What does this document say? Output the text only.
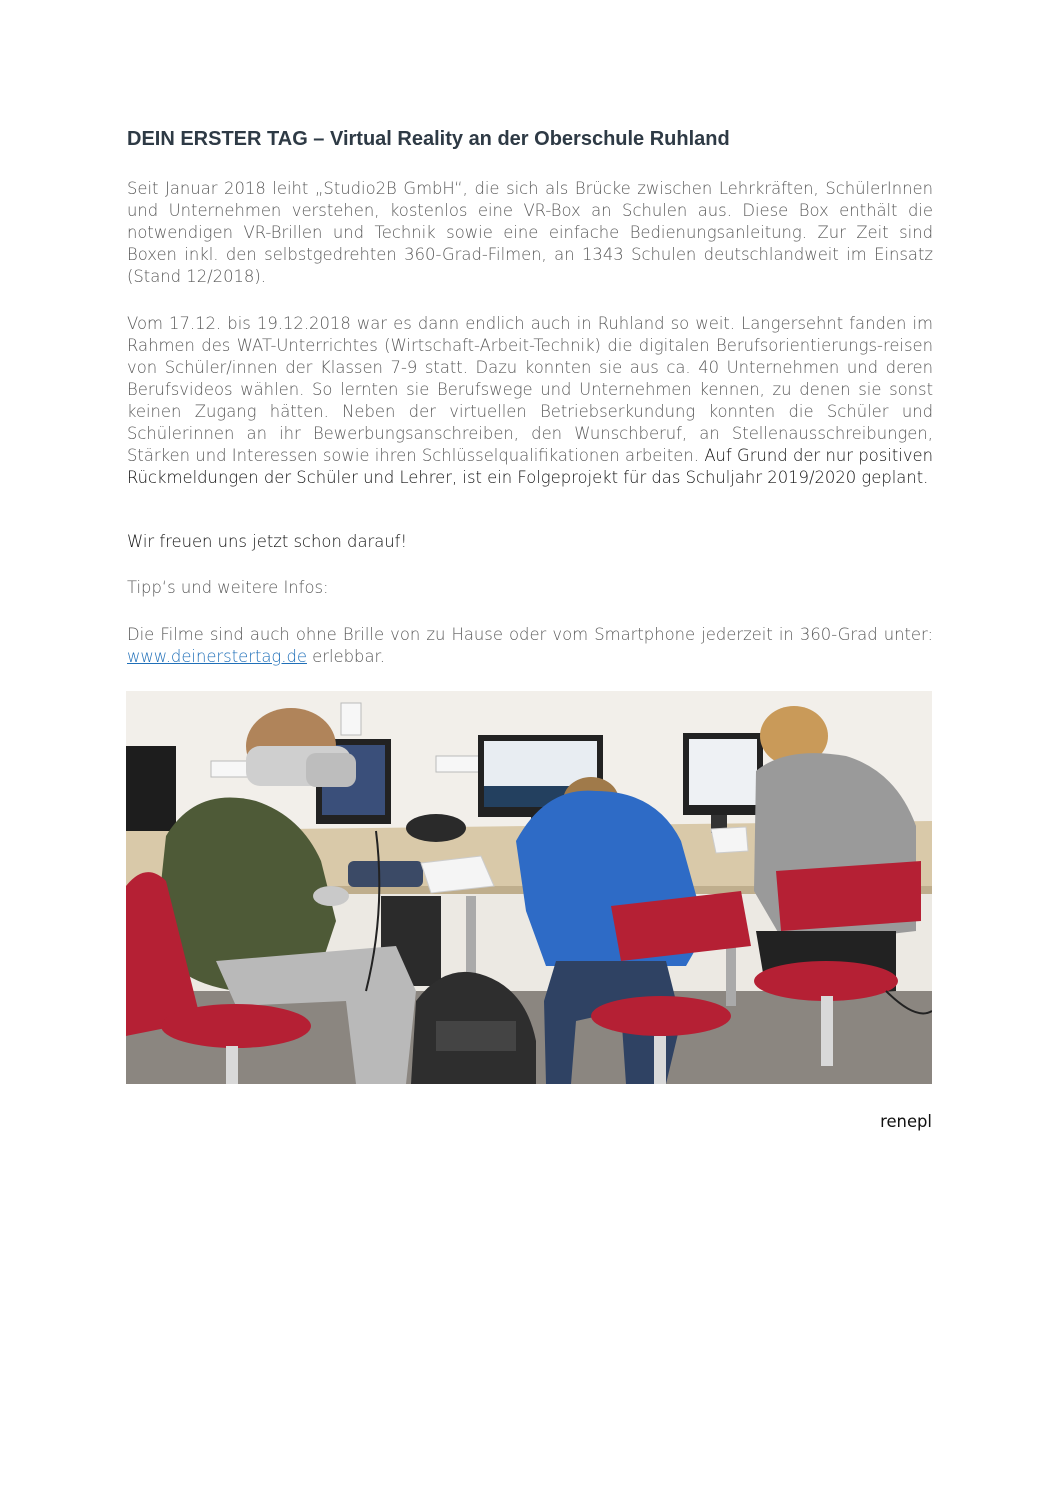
DEIN ERSTER TAG – Virtual Reality an der Oberschule Ruhland

Seit Januar 2018 leiht „Studio2B GmbH“, die sich als Brücke zwischen Lehrkräften, SchülerInnen und Unternehmen verstehen, kostenlos eine VR-Box an Schulen aus. Diese Box enthält die notwendigen VR-Brillen und Technik sowie eine einfache Bedienungsanleitung. Zur Zeit sind Boxen inkl. den selbstgedrehten 360-Grad-Filmen, an 1343 Schulen deutschlandweit im Einsatz (Stand 12/2018).

Vom 17.12. bis 19.12.2018 war es dann endlich auch in Ruhland so weit. Langersehnt fanden im Rahmen des WAT-Unterrichtes (Wirtschaft-Arbeit-Technik) die digitalen Berufsorientierungs-reisen von Schüler/innen der Klassen 7-9 statt. Dazu konnten sie aus ca. 40 Unternehmen und deren Berufsvideos wählen. So lernten sie Berufswege und Unternehmen kennen, zu denen sie sonst keinen Zugang hätten. Neben der virtuellen Betriebserkundung konnten die Schüler und Schülerinnen an ihr Bewerbungsanschreiben, den Wunschberuf, an Stellenausschreibungen, Stärken und Interessen sowie ihren Schlüsselqualifikationen arbeiten. Auf Grund der nur positiven Rückmeldungen der Schüler und Lehrer, ist ein Folgeprojekt für das Schuljahr 2019/2020 geplant.

Wir freuen uns jetzt schon darauf!

Tipp‘s und weitere Infos:

Die Filme sind auch ohne Brille von zu Hause oder vom Smartphone jederzeit in 360-Grad unter: www.deinerstertag.de erlebbar.

renepl
